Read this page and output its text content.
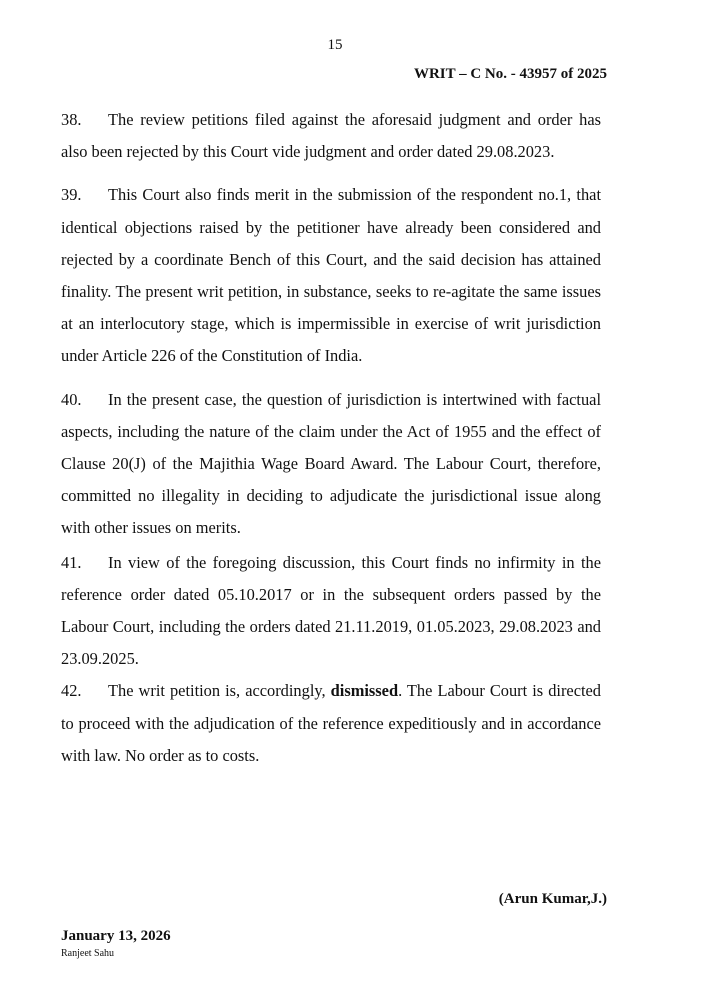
15
WRIT – C No. - 43957 of 2025

38. The review petitions filed against the aforesaid judgment and order has also been rejected by this Court vide judgment and order dated 29.08.2023.

39. This Court also finds merit in the submission of the respondent no.1, that identical objections raised by the petitioner have already been considered and rejected by a coordinate Bench of this Court, and the said decision has attained finality. The present writ petition, in substance, seeks to re-agitate the same issues at an interlocutory stage, which is impermissible in exercise of writ jurisdiction under Article 226 of the Constitution of India.

40. In the present case, the question of jurisdiction is intertwined with factual aspects, including the nature of the claim under the Act of 1955 and the effect of Clause 20(J) of the Majithia Wage Board Award. The Labour Court, therefore, committed no illegality in deciding to adjudicate the jurisdictional issue along with other issues on merits.

41. In view of the foregoing discussion, this Court finds no infirmity in the reference order dated 05.10.2017 or in the subsequent orders passed by the Labour Court, including the orders dated 21.11.2019, 01.05.2023, 29.08.2023 and 23.09.2025.

42. The writ petition is, accordingly, dismissed. The Labour Court is directed to proceed with the adjudication of the reference expeditiously and in accordance with law. No order as to costs.

(Arun Kumar,J.)
January 13, 2026
Ranjeet Sahu
